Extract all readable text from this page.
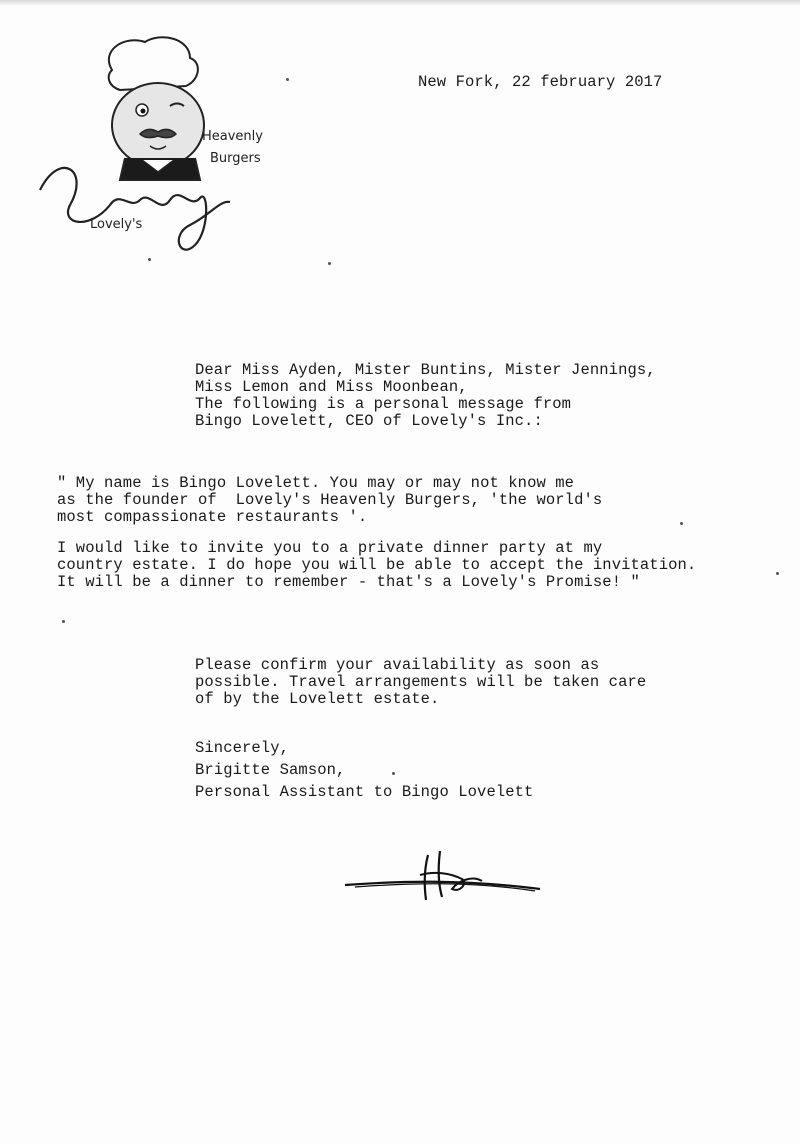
Lovely's
Heavenly
Burgers
New Fork, 22 february 2017
Dear Miss Ayden, Mister Buntins, Mister Jennings,
Miss Lemon and Miss Moonbean,
The following is a personal message from
Bingo Lovelett, CEO of Lovely's Inc.:
" My name is Bingo Lovelett. You may or may not know me
as the founder of  Lovely's Heavenly Burgers, 'the world's
most compassionate restaurants '.
I would like to invite you to a private dinner party at my
country estate. I do hope you will be able to accept the invitation.
It will be a dinner to remember - that's a Lovely's Promise! "
Please confirm your availability as soon as
possible. Travel arrangements will be taken care
of by the Lovelett estate.
Sincerely,
Brigitte Samson,
Personal Assistant to Bingo Lovelett
